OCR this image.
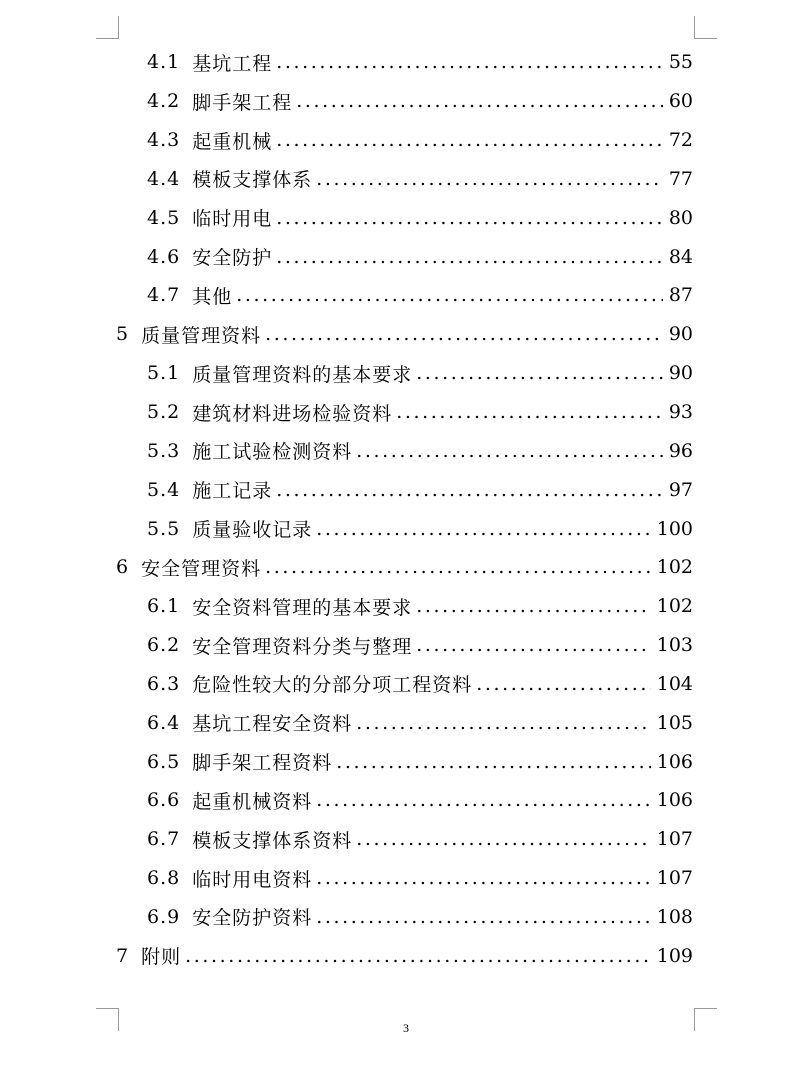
4.1 基坑工程 .....	55
4.2 脚手架工程 .....	60
4.3 起重机械 .....	72
4.4 模板支撑体系 .....	77
4.5 临时用电 .....	80
4.6 安全防护 .....	84
4.7 其他 .....	87
5 质量管理资料 .....	90
5.1 质量管理资料的基本要求 .....	90
5.2 建筑材料进场检验资料 .....	93
5.3 施工试验检测资料 .....	96
5.4 施工记录 .....	97
5.5 质量验收记录 .....	100
6 安全管理资料 .....	102
6.1 安全资料管理的基本要求 .....	102
6.2 安全管理资料分类与整理 .....	103
6.3 危险性较大的分部分项工程资料 .....	104
6.4 基坑工程安全资料 .....	105
6.5 脚手架工程资料 .....	106
6.6 起重机械资料 .....	106
6.7 模板支撑体系资料 .....	107
6.8 临时用电资料 .....	107
6.9 安全防护资料 .....	108
7 附则 .....	109
3
